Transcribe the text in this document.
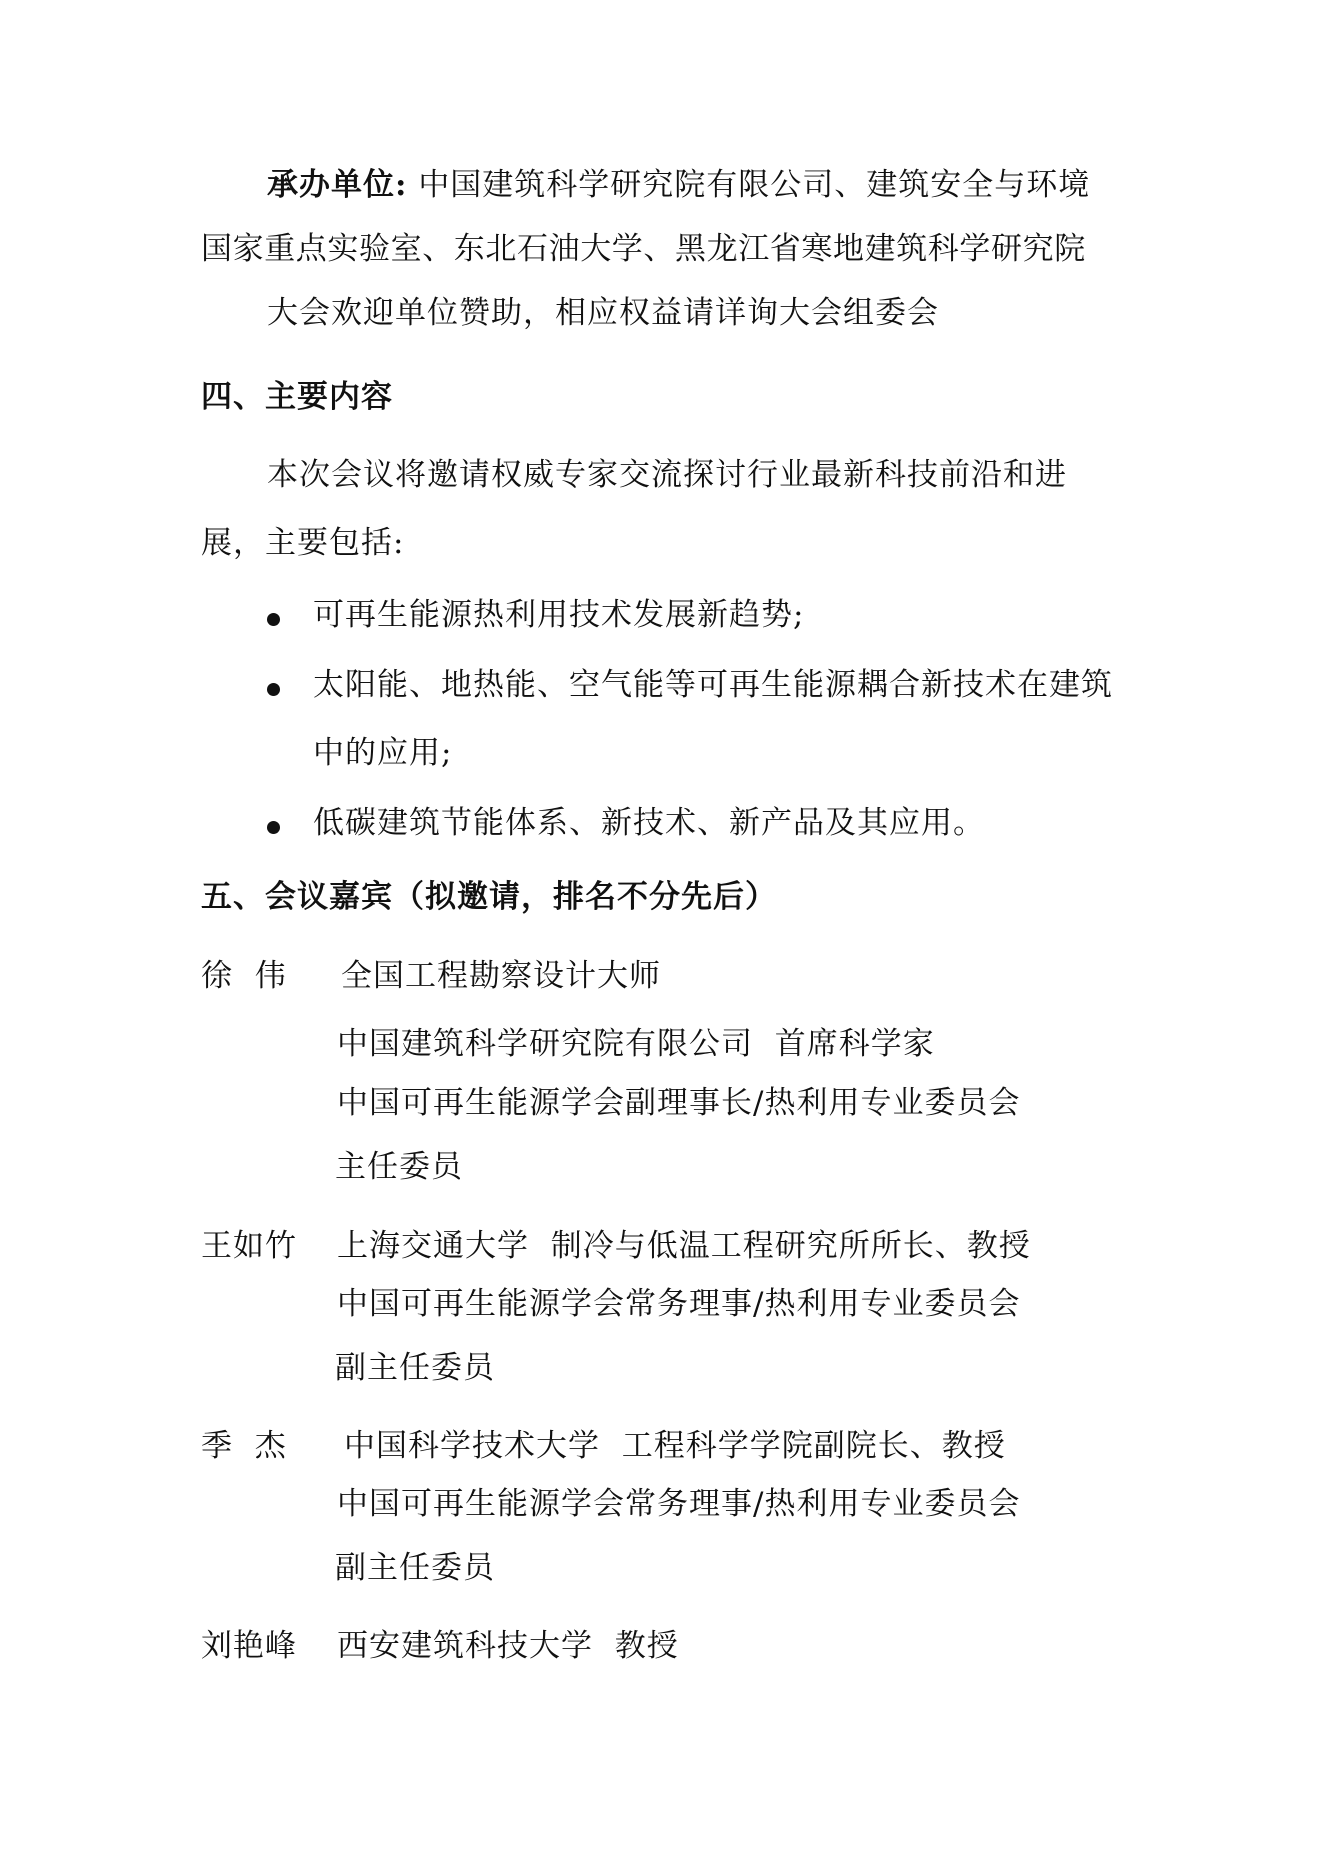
承办单位: 中国建筑科学研究院有限公司、建筑安全与环境
国家重点实验室、东北石油大学、黑龙江省寒地建筑科学研究院
大会欢迎单位赞助，相应权益请详询大会组委会
四、主要内容
本次会议将邀请权威专家交流探讨行业最新科技前沿和进
展，主要包括:
可再生能源热利用技术发展新趋势;
太阳能、地热能、空气能等可再生能源耦合新技术在建筑
中的应用;
低碳建筑节能体系、新技术、新产品及其应用。
五、会议嘉宾（拟邀请，排名不分先后）
徐  伟 全国工程勘察设计大师
中国建筑科学研究院有限公司  首席科学家
中国可再生能源学会副理事长/热利用专业委员会
主任委员
王如竹 上海交通大学  制冷与低温工程研究所所长、教授
中国可再生能源学会常务理事/热利用专业委员会
副主任委员
季  杰 中国科学技术大学  工程科学学院副院长、教授
中国可再生能源学会常务理事/热利用专业委员会
副主任委员
刘艳峰 西安建筑科技大学  教授
